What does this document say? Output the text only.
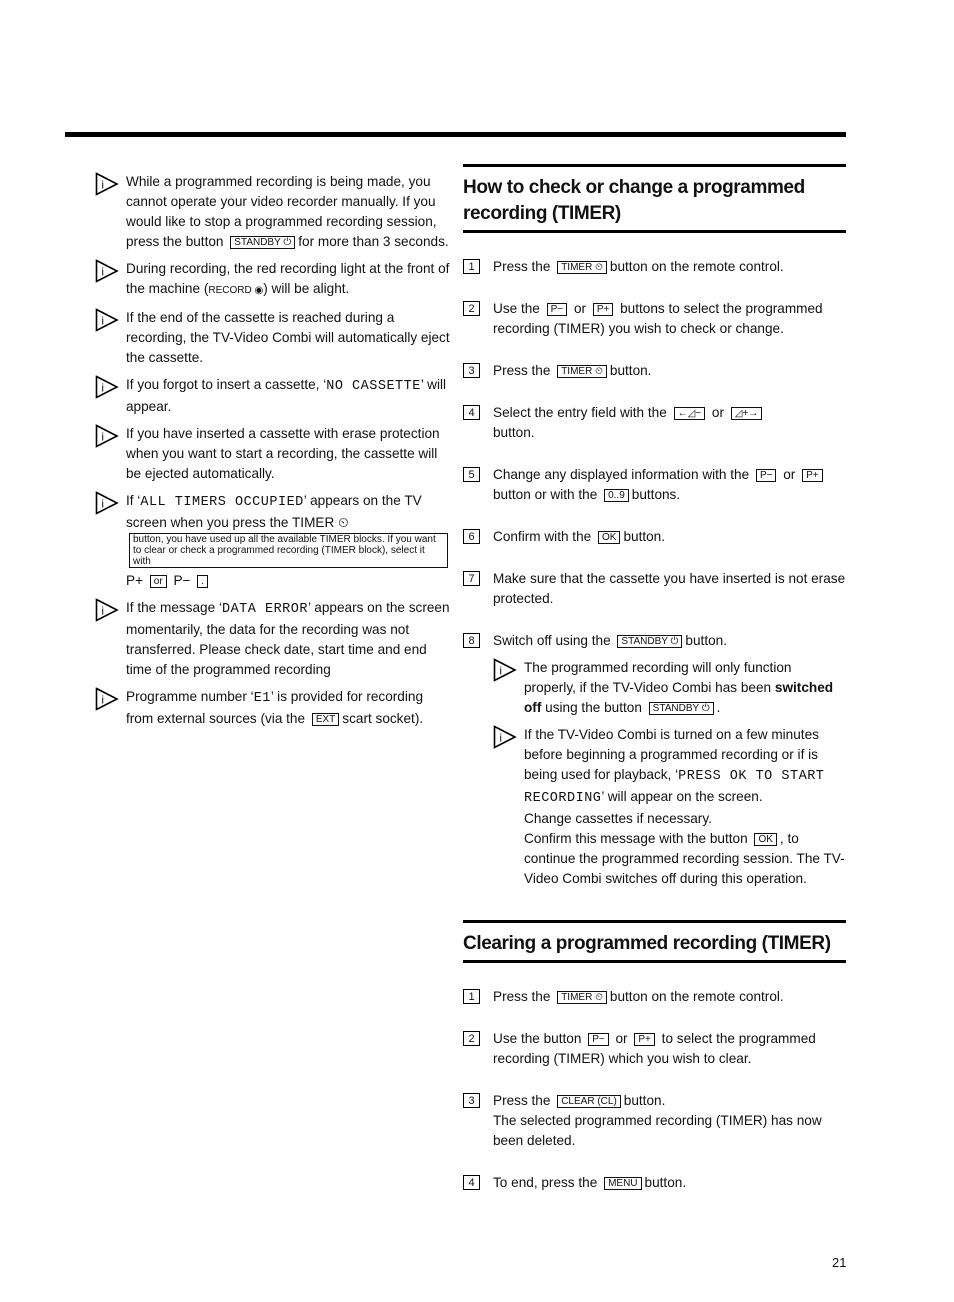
i While a programmed recording is being made, you cannot operate your video recorder manually. If you would like to stop a programmed recording session, press the button STANDBY ⏻ for more than 3 seconds.
i During recording, the red recording light at the front of the machine (RECORD ◉) will be alight.
i If the end of the cassette is reached during a recording, the TV-Video Combi will automatically eject the cassette.
i If you forgot to insert a cassette, ‘NO CASSETTE’ will appear.
i If you have inserted a cassette with erase protection when you want to start a recording, the cassette will be ejected automatically.
i If ‘ALL TIMERS OCCUPIED’ appears on the TV screen when you press the TIMER ⏲ button, you have used up all the available TIMER blocks. If you want to clear or check a programmed recording (TIMER block), select it with P+ or P− .
i If the message ‘DATA ERROR’ appears on the screen momentarily, the data for the recording was not transferred. Please check date, start time and end time of the programmed recording
i Programme number ‘E1’ is provided for recording from external sources (via the EXT scart socket).
How to check or change a programmed recording (TIMER)
1	Press the TIMER ⏲ button on the remote control.
2	Use the P− or P+ buttons to select the programmed recording (TIMER) you wish to check or change.
3	Press the TIMER ⏲ button.
4	Select the entry field with the ←◿− or ◿+→
button.
5	Change any displayed information with the P− or P+ button or with the 0..9 buttons.
6	Confirm with the OK button.
7	Make sure that the cassette you have inserted is not erase protected.
8	Switch off using the STANDBY ⏻ button.
i The programmed recording will only function properly, if the TV-Video Combi has been switched off using the button STANDBY ⏻ .
i If the TV-Video Combi is turned on a few minutes before beginning a programmed recording or if is being used for playback, ‘PRESS OK TO START RECORDING’ will appear on the screen.
Change cassettes if necessary.
Confirm this message with the button OK , to continue the programmed recording session. The TV-Video Combi switches off during this operation.
Clearing a programmed recording (TIMER)
1	Press the TIMER ⏲ button on the remote control.
2	Use the button P− or P+ to select the programmed recording (TIMER) which you wish to clear.
3	Press the CLEAR (CL) button.
The selected programmed recording (TIMER) has now been deleted.
4	To end, press the MENU button.
21
